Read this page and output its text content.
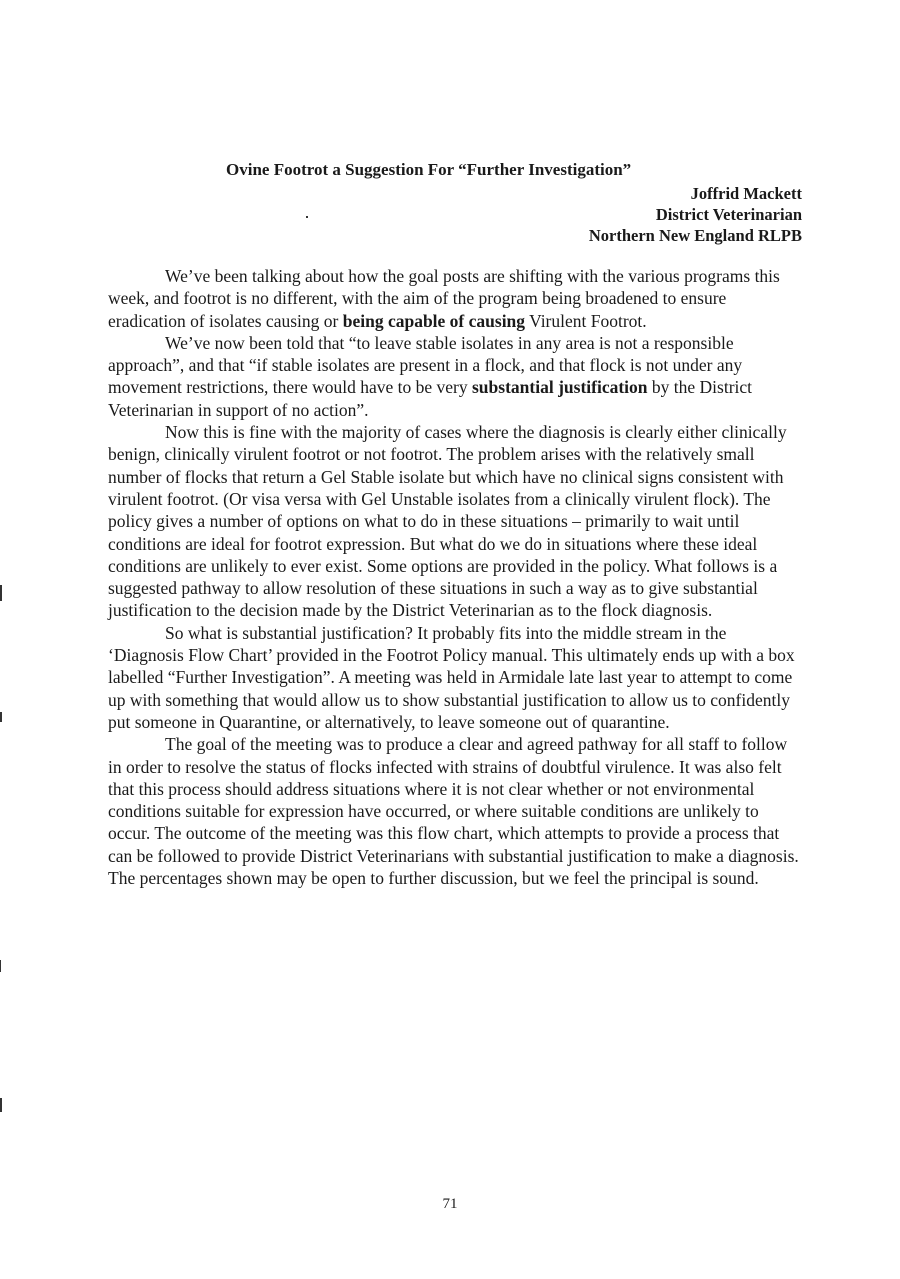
Ovine Footrot a Suggestion For “Further Investigation”
Joffrid Mackett
District Veterinarian
Northern New England RLPB

We’ve been talking about how the goal posts are shifting with the various programs this week, and footrot is no different, with the aim of the program being broadened to ensure eradication of isolates causing or being capable of causing Virulent Footrot.

We’ve now been told that “to leave stable isolates in any area is not a responsible approach”, and that “if stable isolates are present in a flock, and that flock is not under any movement restrictions, there would have to be very substantial justification by the District Veterinarian in support of no action”.

Now this is fine with the majority of cases where the diagnosis is clearly either clinically benign, clinically virulent footrot or not footrot. The problem arises with the relatively small number of flocks that return a Gel Stable isolate but which have no clinical signs consistent with virulent footrot. (Or visa versa with Gel Unstable isolates from a clinically virulent flock). The policy gives a number of options on what to do in these situations – primarily to wait until conditions are ideal for footrot expression. But what do we do in situations where these ideal conditions are unlikely to ever exist. Some options are provided in the policy. What follows is a suggested pathway to allow resolution of these situations in such a way as to give substantial justification to the decision made by the District Veterinarian as to the flock diagnosis.

So what is substantial justification? It probably fits into the middle stream in the ‘Diagnosis Flow Chart’ provided in the Footrot Policy manual. This ultimately ends up with a box labelled “Further Investigation”. A meeting was held in Armidale late last year to attempt to come up with something that would allow us to show substantial justification to allow us to confidently put someone in Quarantine, or alternatively, to leave someone out of quarantine.

The goal of the meeting was to produce a clear and agreed pathway for all staff to follow in order to resolve the status of flocks infected with strains of doubtful virulence. It was also felt that this process should address situations where it is not clear whether or not environmental conditions suitable for expression have occurred, or where suitable conditions are unlikely to occur. The outcome of the meeting was this flow chart, which attempts to provide a process that can be followed to provide District Veterinarians with substantial justification to make a diagnosis. The percentages shown may be open to further discussion, but we feel the principal is sound.

71
